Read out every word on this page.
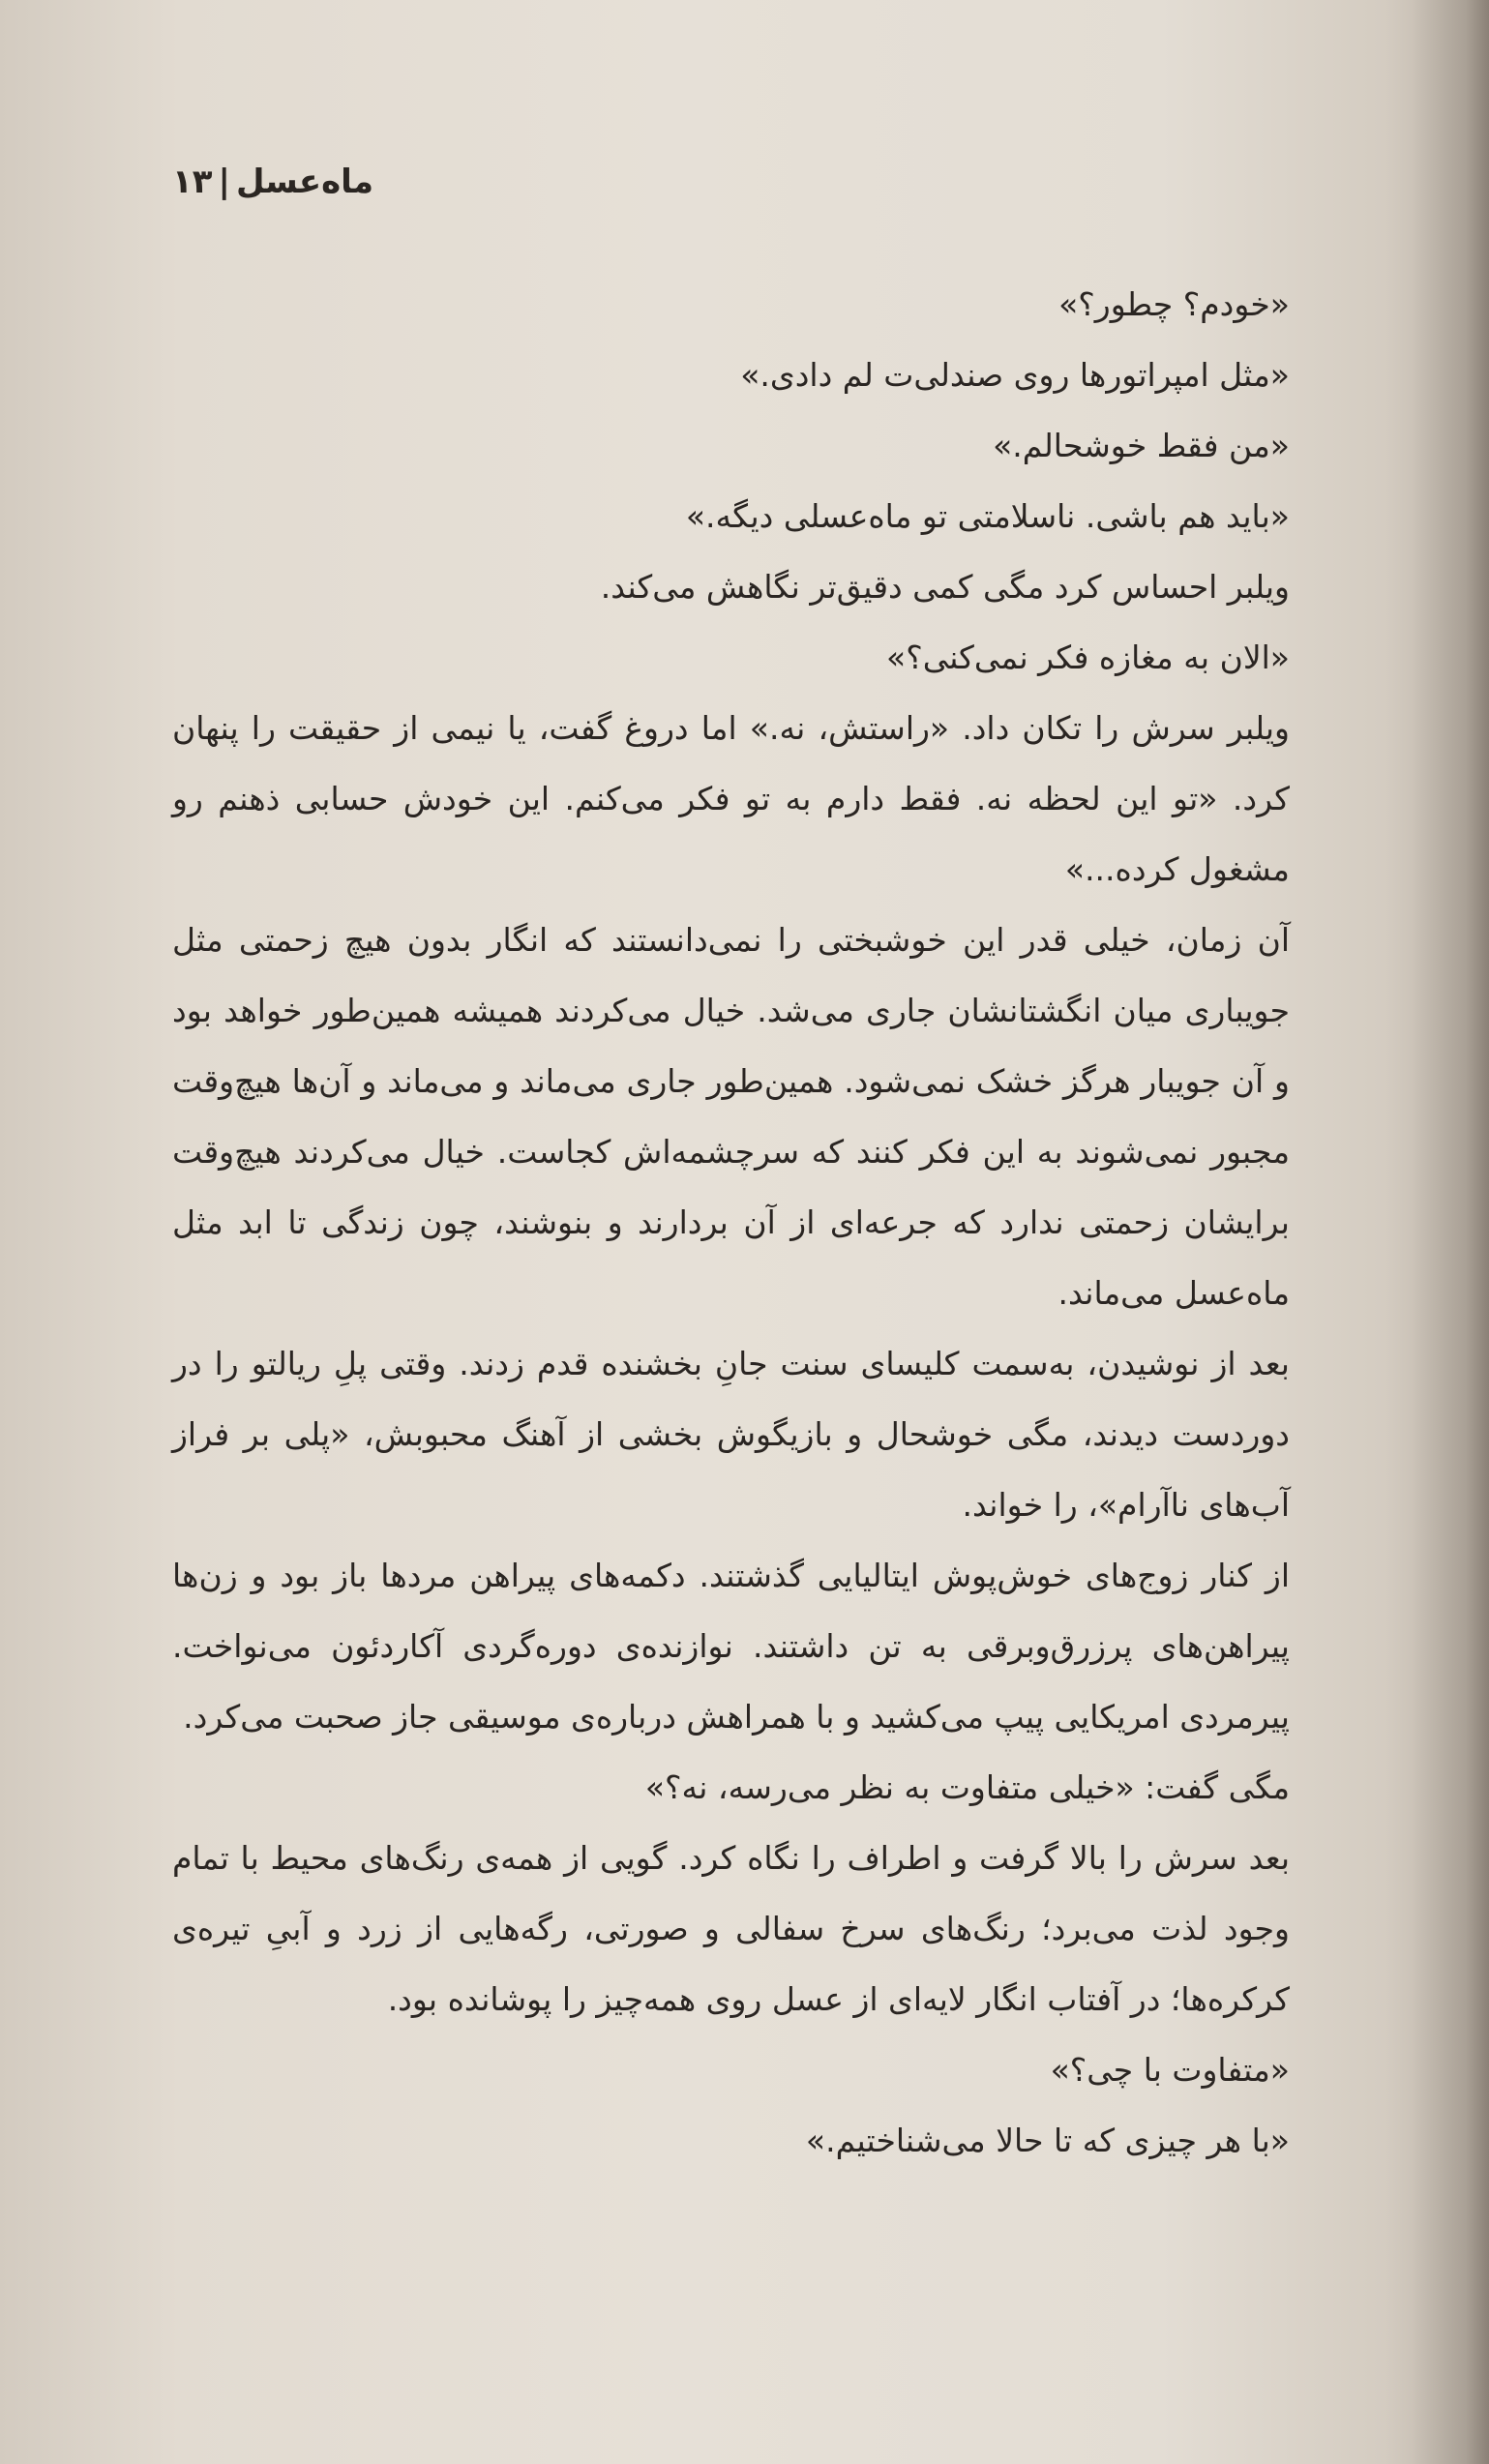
ماه‌عسل|۱۳

«خودم؟ چطور؟»

«مثل امپراتورها روی صندلی‌ت لم دادی.»

«من فقط خوشحالم.»

«باید هم باشی. ناسلامتی تو ماه‌عسلی دیگه.»

ویلبر احساس کرد مگی کمی دقیق‌تر نگاهش می‌کند.

«الان به مغازه فکر نمی‌کنی؟»

ویلبر سرش را تکان داد. «راستش، نه.» اما دروغ گفت، یا نیمی از حقیقت را پنهان کرد. «تو این لحظه نه. فقط دارم به تو فکر می‌کنم. این خودش حسابی ذهنم رو مشغول کرده...»

آن زمان، خیلی قدر این خوشبختی را نمی‌دانستند که انگار بدون هیچ زحمتی مثل جویباری میان انگشتانشان جاری می‌شد. خیال می‌کردند همیشه همین‌طور خواهد بود و آن جویبار هرگز خشک نمی‌شود. همین‌طور جاری می‌ماند و می‌ماند و آن‌ها هیچ‌وقت مجبور نمی‌شوند به این فکر کنند که سرچشمه‌اش کجاست. خیال می‌کردند هیچ‌وقت برایشان زحمتی ندارد که جرعه‌ای از آن بردارند و بنوشند، چون زندگی تا ابد مثل ماه‌عسل می‌ماند.

بعد از نوشیدن، به‌سمت کلیسای سنت جانِ بخشنده قدم زدند. وقتی پلِ ریالتو را در دوردست دیدند، مگی خوشحال و بازیگوش بخشی از آهنگ محبوبش، «پلی بر فراز آب‌های ناآرام»، را خواند.

از کنار زوج‌های خوش‌پوش ایتالیایی گذشتند. دکمه‌های پیراهن مردها باز بود و زن‌ها پیراهن‌های پرزرق‌وبرقی به تن داشتند. نوازنده‌ی دوره‌گردی آکاردئون می‌نواخت. پیرمردی امریکایی پیپ می‌کشید و با همراهش درباره‌ی موسیقی جاز صحبت می‌کرد.

مگی گفت: «خیلی متفاوت به نظر می‌رسه، نه؟»

بعد سرش را بالا گرفت و اطراف را نگاه کرد. گویی از همه‌ی رنگ‌های محیط با تمام وجود لذت می‌برد؛ رنگ‌های سرخ سفالی و صورتی، رگه‌هایی از زرد و آبیِ تیره‌ی کرکره‌ها؛ در آفتاب انگار لایه‌ای از عسل روی همه‌چیز را پوشانده بود.

«متفاوت با چی؟»

«با هر چیزی که تا حالا می‌شناختیم.»
